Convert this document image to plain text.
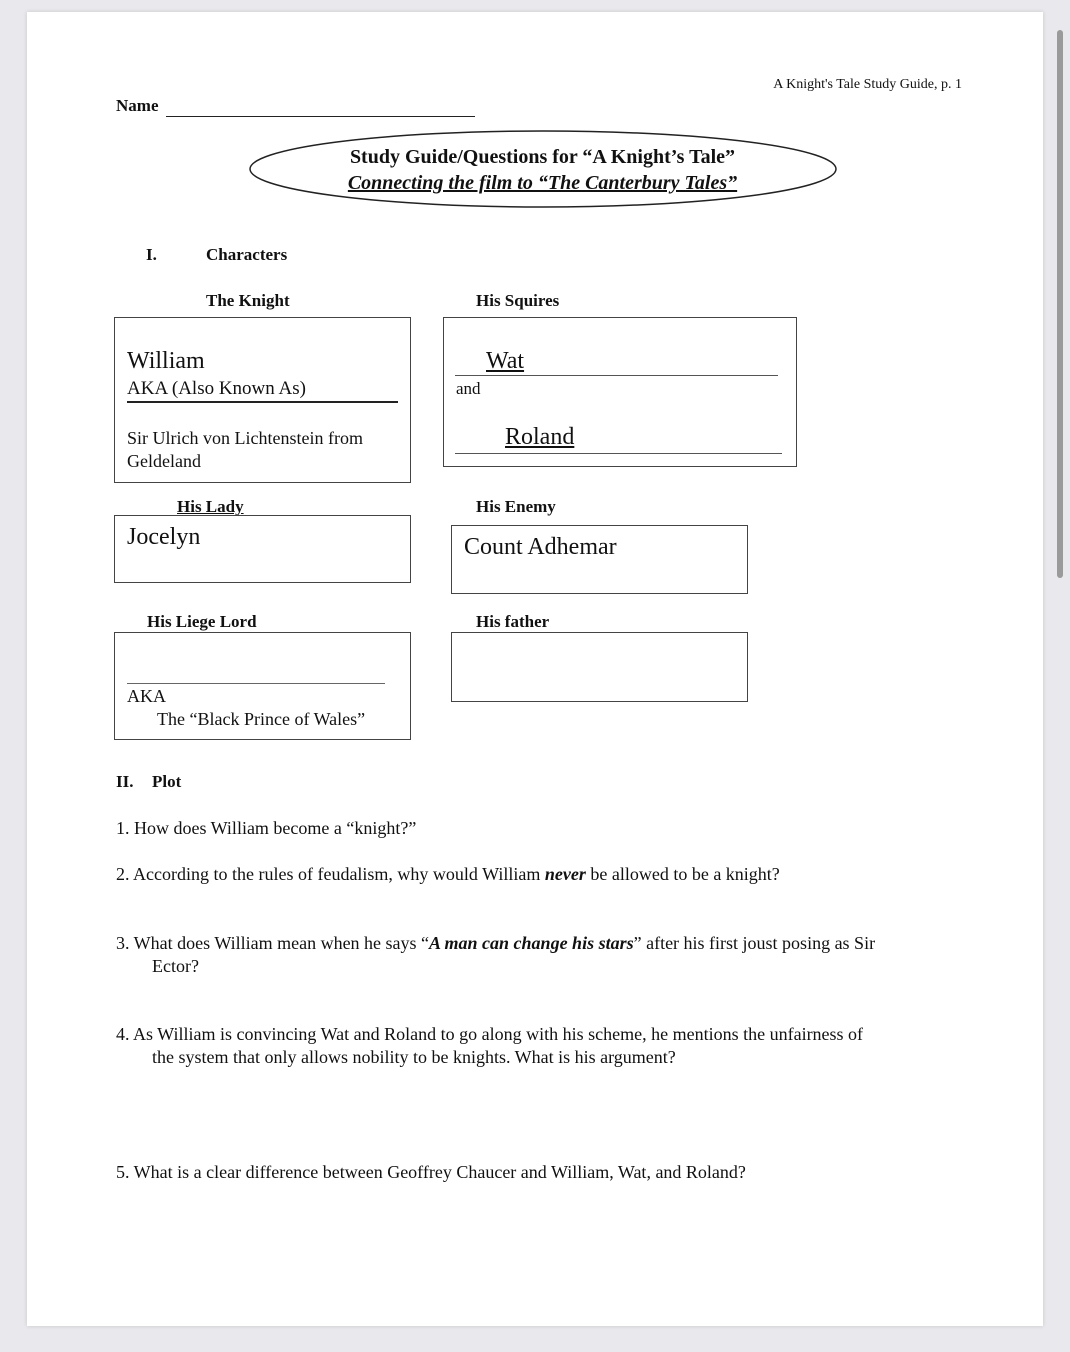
A Knight's Tale Study Guide, p. 1
Name
Study Guide/Questions for “A Knight’s Tale”
Connecting the film to “The Canterbury Tales”
I.	Characters
The Knight	His Squires
William
AKA (Also Known As)
Sir Ulrich von Lichtenstein from
Geldeland
Wat
and
Roland
His Lady
Jocelyn
His Enemy
Count Adhemar
His Liege Lord
AKA
The “Black Prince of Wales”
His father
II. Plot
1. How does William become a “knight?”
2. According to the rules of feudalism, why would William never be allowed to be a knight?
3. What does William mean when he says “A man can change his stars” after his first joust posing as Sir
Ector?
4. As William is convincing Wat and Roland to go along with his scheme, he mentions the unfairness of
the system that only allows nobility to be knights. What is his argument?
5. What is a clear difference between Geoffrey Chaucer and William, Wat, and Roland?
